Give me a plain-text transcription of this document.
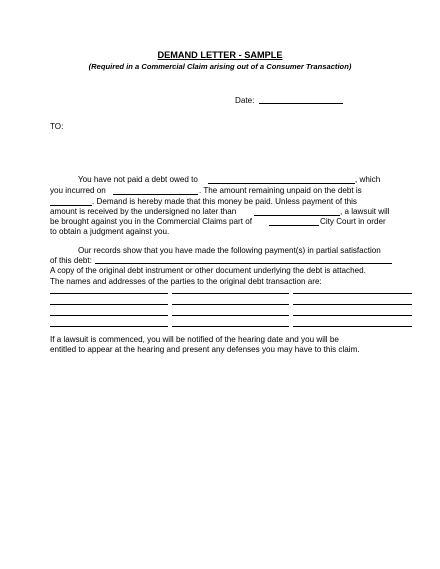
DEMAND LETTER - SAMPLE
(Required in a Commercial Claim arising out of a Consumer Transaction)
Date:
TO:
You have not paid a debt owed to	, which
you incurred on	. The amount remaining unpaid on the debt is
. Demand is hereby made that this money be paid. Unless payment of this
amount is received by the undersigned no later than	, a lawsuit will
be brought against you in the Commercial Claims part of	City Court in order
to obtain a judgment against you.
Our records show that you have made the following payment(s) in partial satisfaction
of this debt:
A copy of the original debt instrument or other document underlying the debt is attached.
The names and addresses of the parties to the original debt transaction are:
If a lawsuit is commenced, you will be notified of the hearing date and you will be
entitled to appear at the hearing and present any defenses you may have to this claim.
